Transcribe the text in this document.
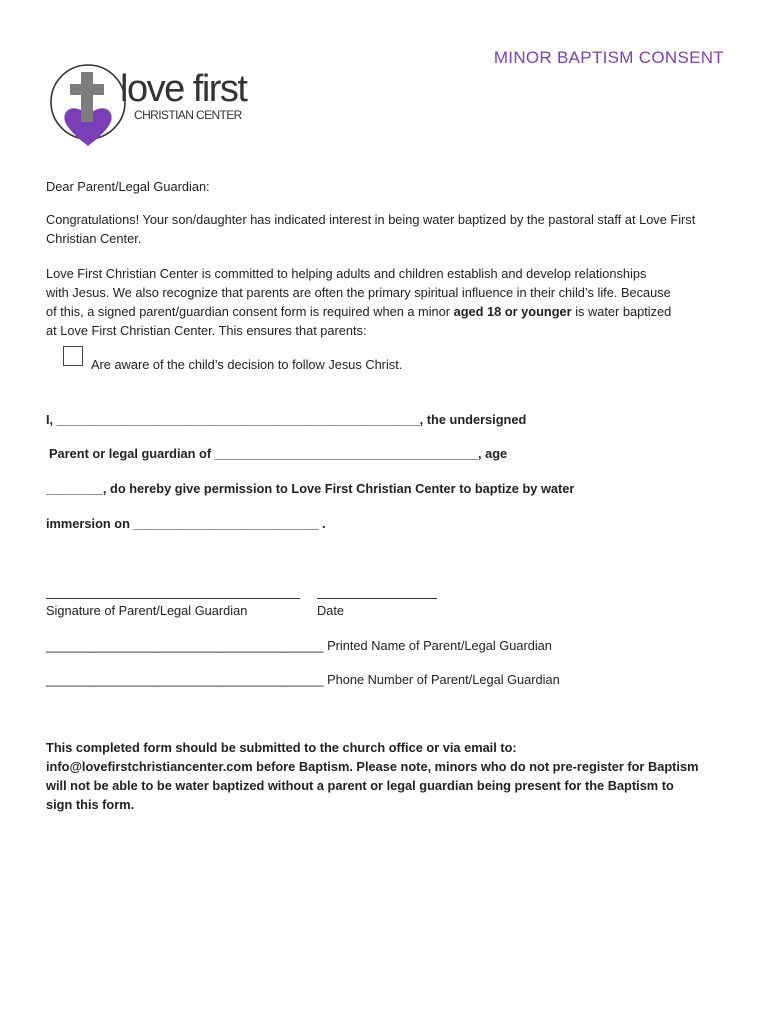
MINOR BAPTISM CONSENT
love first
CHRISTIAN CENTER
Dear Parent/Legal Guardian:
Congratulations! Your son/daughter has indicated interest in being water baptized by the pastoral staff at Love First Christian Center.
Love First Christian Center is committed to helping adults and children establish and develop relationships
with Jesus. We also recognize that parents are often the primary spiritual influence in their child’s life. Because
of this, a signed parent/guardian consent form is required when a minor aged 18 or younger is water baptized
at Love First Christian Center. This ensures that parents:
Are aware of the child’s decision to follow Jesus Christ.
I, ___________________________________________________, the undersigned
Parent or legal guardian of _____________________________________, age
________, do hereby give permission to Love First Christian Center to baptize by water
immersion on __________________________ .
Signature of Parent/Legal Guardian	Date
_______________________________________ Printed Name of Parent/Legal Guardian
_______________________________________ Phone Number of Parent/Legal Guardian
This completed form should be submitted to the church office or via email to:
info@lovefirstchristiancenter.com before Baptism. Please note, minors who do not pre-register for Baptism
will not be able to be water baptized without a parent or legal guardian being present for the Baptism to
sign this form.
